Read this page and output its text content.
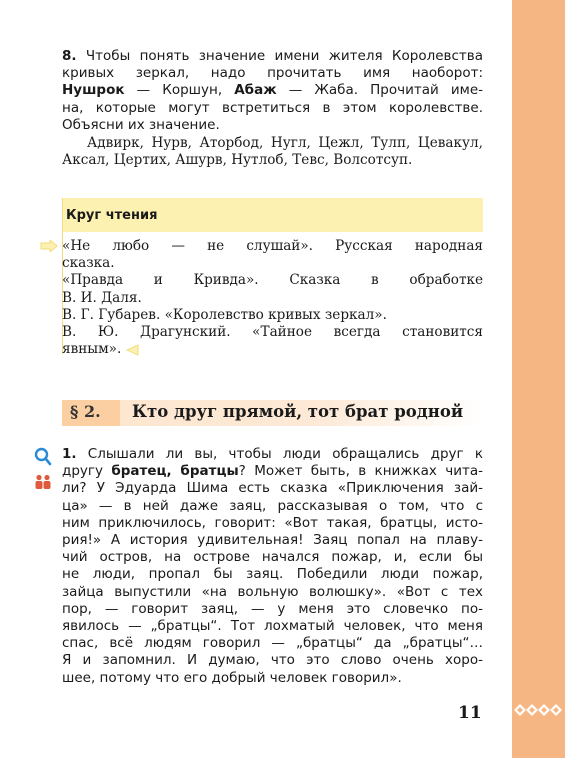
8. Чтобы понять значение имени жителя Королевства
кривых зеркал, надо прочитать имя наоборот:
Нушрок — Коршун, Абаж — Жаба. Прочитай име-
на, которые могут встретиться в этом королевстве.
Объясни их значение.

Адвирк, Нурв, Аторбод, Нугл, Цежл, Тулп, Цевакул, Аксал, Цертих, Ашурв, Нутлоб, Тевс, Волсотсуп.

Круг чтения
«Не любо — не слушай». Русская народная
сказка.
«Правда и Кривда». Сказка в обработке
В. И. Даля.
В. Г. Губарев. «Королевство кривых зеркал».
В. Ю. Драгунский. «Тайное всегда становится
явным».
§ 2. Кто друг прямой, тот брат родной
1. Слышали ли вы, чтобы люди обращались друг к
другу братец, братцы? Может быть, в книжках чита-
ли? У Эдуарда Шима есть сказка «Приключения зай-
ца» — в ней даже заяц, рассказывая о том, что с
ним приключилось, говорит: «Вот такая, братцы, исто-
рия!» А история удивительная! Заяц попал на плаву-
чий остров, на острове начался пожар, и, если бы
не люди, пропал бы заяц. Победили люди пожар,
зайца выпустили «на вольную волюшку». «Вот с тех
пор, — говорит заяц, — у меня это словечко по-
явилось — „братцы“. Тот лохматый человек, что меня
спас, всё людям говорил — „братцы“ да „братцы“…
Я и запомнил. И думаю, что это слово очень хоро-
шее, потому что его добрый человек говорил».
11
